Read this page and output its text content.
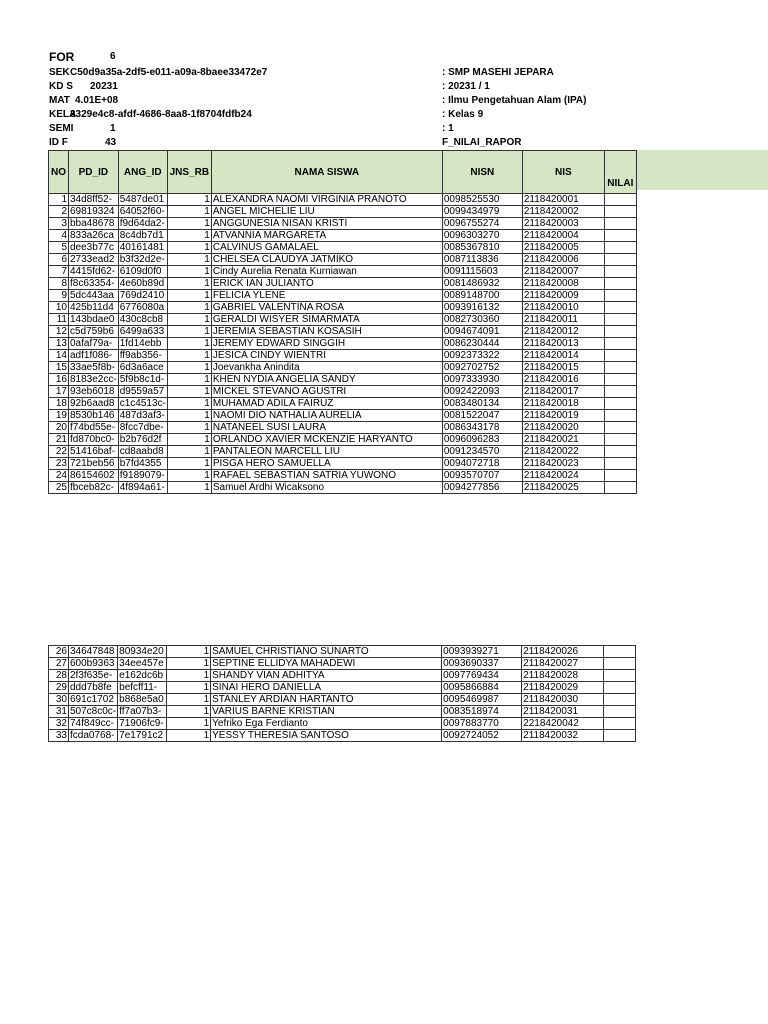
FOR	6
SEK C50d9a35a-2df5-e011-a09a-8baee33472e7	: SMP MASEHI JEPARA
KD S	20231	: 20231 / 1
MAT 4.01E+08	: Ilmu Pengetahuan Alam (IPA)
KELA
3329e4c8-afdf-4686-8aa8-1f8704fdfb24	: Kelas 9
SEMI	1	: 1
ID F	43	F_NILAI_RAPOR
NO	PD_ID	ANG_ID	JNS_RB	NAMA SISWA	NISN	NIS	NILAI
1	34d8ff52-	5487de01	1	ALEXANDRA NAOMI VIRGINIA PRANOTO	0098525530	2118420001	
2	69819324	64052f60-	1	ANGEL MICHELIE LIU	0099434979	2118420002	
3	bba48678	f9d64da2-	1	ANGGUNESIA NISAN KRISTI	0096755274	2118420003	
4	833a26ca	8c4db7d1	1	ATVANNIA MARGARETA	0096303270	2118420004	
5	dee3b77c	40161481	1	CALVINUS GAMALAEL	0085367810	2118420005	
6	2733ead2	b3f32d2e-	1	CHELSEA CLAUDYA JATMIKO	0087113836	2118420006	
7	4415fd62-	6109d0f0	1	Cindy Aurelia Renata Kurniawan	0091115603	2118420007	
8	f8c63354-	4e60b89d	1	ERICK IAN JULIANTO	0081486932	2118420008	
9	5dc443aa	769d2410	1	FELICIA YLENE	0089148700	2118420009	
10	425b11d4	6776080a	1	GABRIEL VALENTINA ROSA	0093916132	2118420010	
11	143bdae0	430c8cb8	1	GERALDI WISYER SIMARMATA	0082730360	2118420011	
12	c5d759b6	6499a633	1	JEREMIA SEBASTIAN KOSASIH	0094674091	2118420012	
13	0afaf79a-	1fd14ebb	1	JEREMY EDWARD SINGGIH	0086230444	2118420013	
14	adf1f086-	ff9ab356-	1	JESICA CINDY WIENTRI	0092373322	2118420014	
15	33ae5f8b-	6d3a6ace	1	Joevankha Anindita	0092702752	2118420015	
16	8183e2cc-	5f9b8c1d-	1	KHEN NYDIA ANGELIA SANDY	0097333930	2118420016	
17	93eb6018	d9559a57	1	MICKEL STEVANO AGUSTRI	0092422093	2118420017	
18	92b6aad8	c1c4513c-	1	MUHAMAD ADILA FAIRUZ	0083480134	2118420018	
19	8530b146	487d3af3-	1	NAOMI DIO NATHALIA AURELIA	0081522047	2118420019	
20	f74bd55e-	8fcc7dbe-	1	NATANEEL SUSI LAURA	0086343178	2118420020	
21	fd870bc0-	b2b76d2f	1	ORLANDO XAVIER MCKENZIE HARYANTO	0096096283	2118420021	
22	51416baf-	cd8aabd8	1	PANTALEON MARCELL LIU	0091234570	2118420022	
23	721beb56	b7fd4355	1	PISGA HERO SAMUELLA	0094072718	2118420023	
24	86154602	f9189079-	1	RAFAEL SEBASTIAN SATRIA YUWONO	0093570707	2118420024	
25	fbceb82c-	4f894a61-	1	Samuel Ardhi Wicaksono	0094277856	2118420025	
26	34647848	80934e20	1	SAMUEL CHRISTIANO SUNARTO	0093939271	2118420026	
27	600b9363	34ee457e	1	SEPTINE ELLIDYA MAHADEWI	0093690337	2118420027	
28	2f3f635e-	e162dc6b	1	SHANDY VIAN ADHITYA	0097769434	2118420028	
29	ddd7b8fe	befcff11-	1	SINAI HERO DANIELLA	0095866884	2118420029	
30	691c1702	b868e5a0	1	STANLEY ARDIAN HARTANTO	0095469987	2118420030	
31	507c8c0c-	ff7a07b3-	1	VARIUS BARNE KRISTIAN	0083518974	2118420031	
32	74f849cc-	71906fc9-	1	Yefriko Ega Ferdianto	0097883770	2218420042	
33	fcda0768-	7e1791c2	1	YESSY THERESIA SANTOSO	0092724052	2118420032	
